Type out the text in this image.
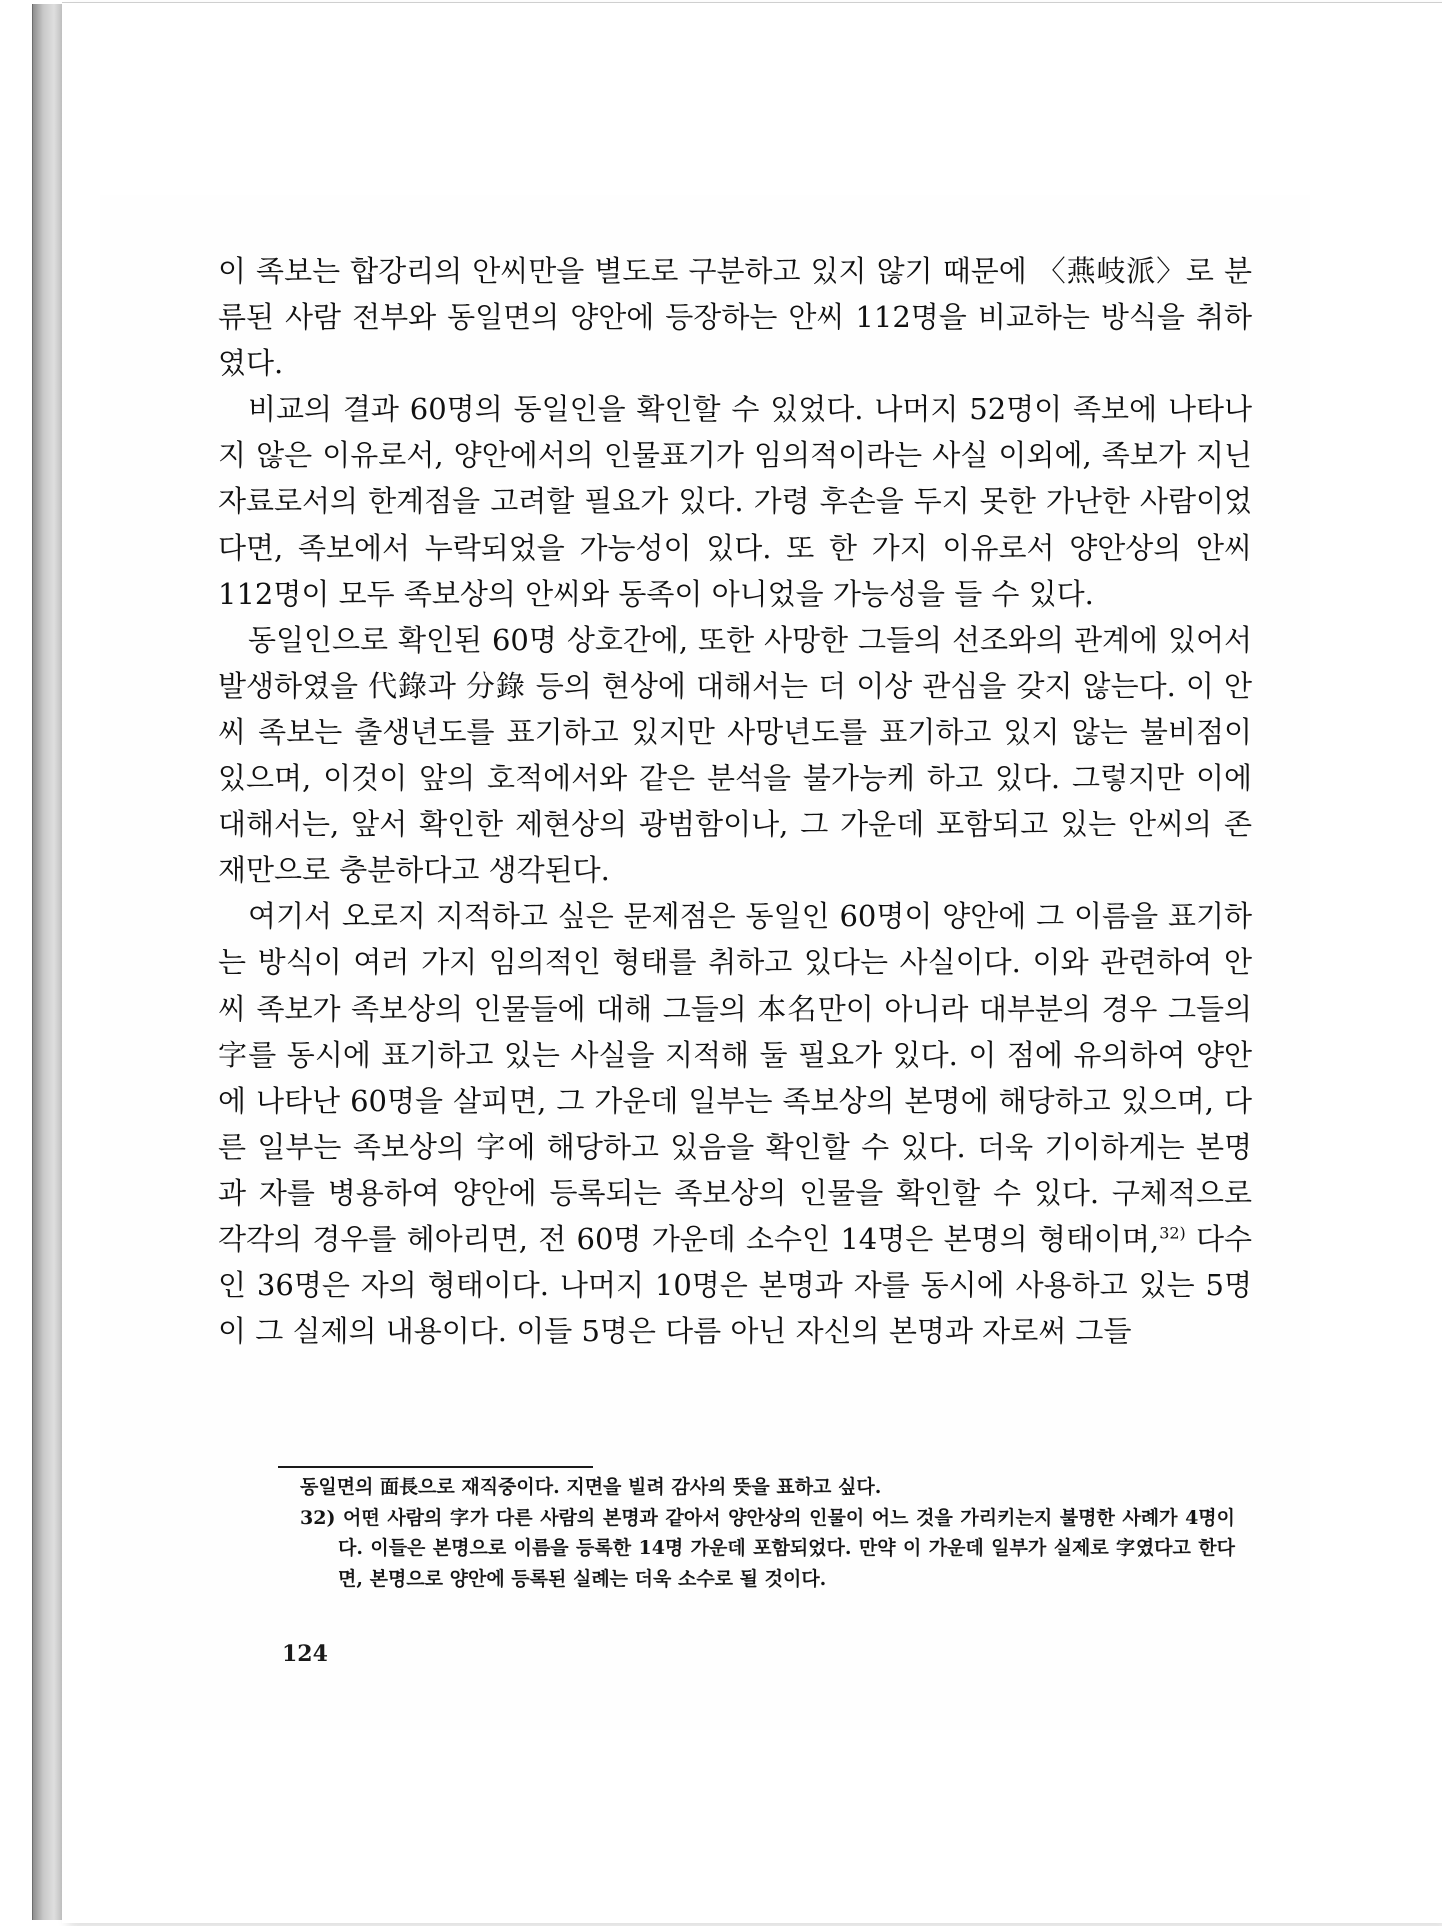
이 족보는 합강리의 안씨만을 별도로 구분하고 있지 않기 때문에 〈燕岐派〉로 분류된 사람 전부와 동일면의 양안에 등장하는 안씨 112명을 비교하는 방식을 취하였다.

비교의 결과 60명의 동일인을 확인할 수 있었다. 나머지 52명이 족보에 나타나지 않은 이유로서, 양안에서의 인물표기가 임의적이라는 사실 이외에, 족보가 지닌 자료로서의 한계점을 고려할 필요가 있다. 가령 후손을 두지 못한 가난한 사람이었다면, 족보에서 누락되었을 가능성이 있다. 또 한 가지 이유로서 양안상의 안씨 112명이 모두 족보상의 안씨와 동족이 아니었을 가능성을 들 수 있다.

동일인으로 확인된 60명 상호간에, 또한 사망한 그들의 선조와의 관계에 있어서 발생하였을 代錄과 分錄 등의 현상에 대해서는 더 이상 관심을 갖지 않는다. 이 안씨 족보는 출생년도를 표기하고 있지만 사망년도를 표기하고 있지 않는 불비점이 있으며, 이것이 앞의 호적에서와 같은 분석을 불가능케 하고 있다. 그렇지만 이에 대해서는, 앞서 확인한 제현상의 광범함이나, 그 가운데 포함되고 있는 안씨의 존재만으로 충분하다고 생각된다.

여기서 오로지 지적하고 싶은 문제점은 동일인 60명이 양안에 그 이름을 표기하는 방식이 여러 가지 임의적인 형태를 취하고 있다는 사실이다. 이와 관련하여 안씨 족보가 족보상의 인물들에 대해 그들의 本名만이 아니라 대부분의 경우 그들의 字를 동시에 표기하고 있는 사실을 지적해 둘 필요가 있다. 이 점에 유의하여 양안에 나타난 60명을 살피면, 그 가운데 일부는 족보상의 본명에 해당하고 있으며, 다른 일부는 족보상의 字에 해당하고 있음을 확인할 수 있다. 더욱 기이하게는 본명과 자를 병용하여 양안에 등록되는 족보상의 인물을 확인할 수 있다. 구체적으로 각각의 경우를 헤아리면, 전 60명 가운데 소수인 14명은 본명의 형태이며,$^{32)}$ 다수인 36명은 자의 형태이다. 나머지 10명은 본명과 자를 동시에 사용하고 있는 5명이 그 실제의 내용이다. 이들 5명은 다름 아닌 자신의 본명과 자로써 그들

동일면의 面長으로 재직중이다. 지면을 빌려 감사의 뜻을 표하고 싶다.

32) 어떤 사람의 字가 다른 사람의 본명과 같아서 양안상의 인물이 어느 것을 가리키는지 불명한 사례가 4명이다. 이들은 본명으로 이름을 등록한 14명 가운데 포함되었다. 만약 이 가운데 일부가 실제로 字였다고 한다면, 본명으로 양안에 등록된 실례는 더욱 소수로 될 것이다.

124
